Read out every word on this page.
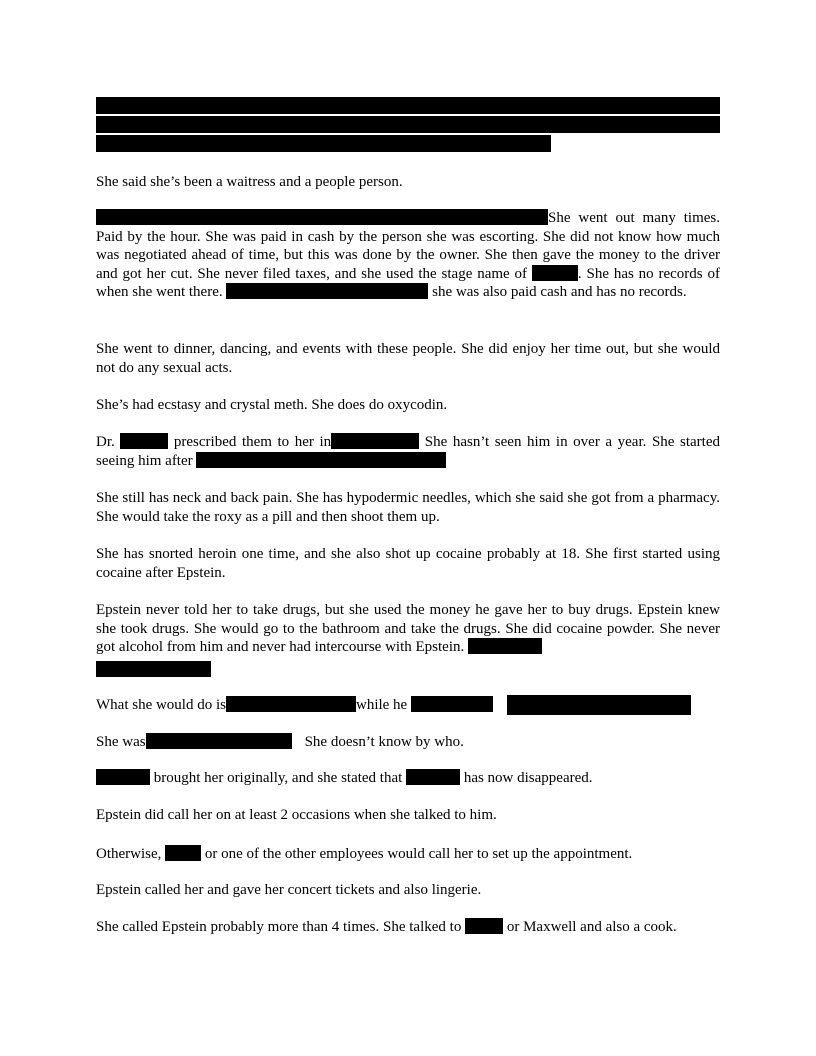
She said she’s been a waitress and a people person.

She went out many times. Paid by the hour. She was paid in cash by the person she was escorting. She did not know how much was negotiated ahead of time, but this was done by the owner. She then gave the money to the driver and got her cut. She never filed taxes, and she used the stage name of	. She has no records of when she went there.	she was also paid cash and has no records.

She went to dinner, dancing, and events with these people. She did enjoy her time out, but she would not do any sexual acts.

She’s had ecstasy and crystal meth. She does do oxycodin.

Dr.	prescribed them to her in	She hasn’t seen him in over a year. She started seeing him after

She still has neck and back pain. She has hypodermic needles, which she said she got from a pharmacy. She would take the roxy as a pill and then shoot them up.

She has snorted heroin one time, and she also shot up cocaine probably at 18. She first started using cocaine after Epstein.

Epstein never told her to take drugs, but she used the money he gave her to buy drugs. Epstein knew she took drugs. She would go to the bathroom and take the drugs. She did cocaine powder. She never got alcohol from him and never had intercourse with Epstein.

What she would do is	while he

She was	She doesn’t know by who.

brought her originally, and she stated that	has now disappeared.

Epstein did call her on at least 2 occasions when she talked to him.

Otherwise,  or one of the other employees would call her to set up the appointment.

Epstein called her and gave her concert tickets and also lingerie.

She called Epstein probably more than 4 times. She talked to	or Maxwell and also a cook.
